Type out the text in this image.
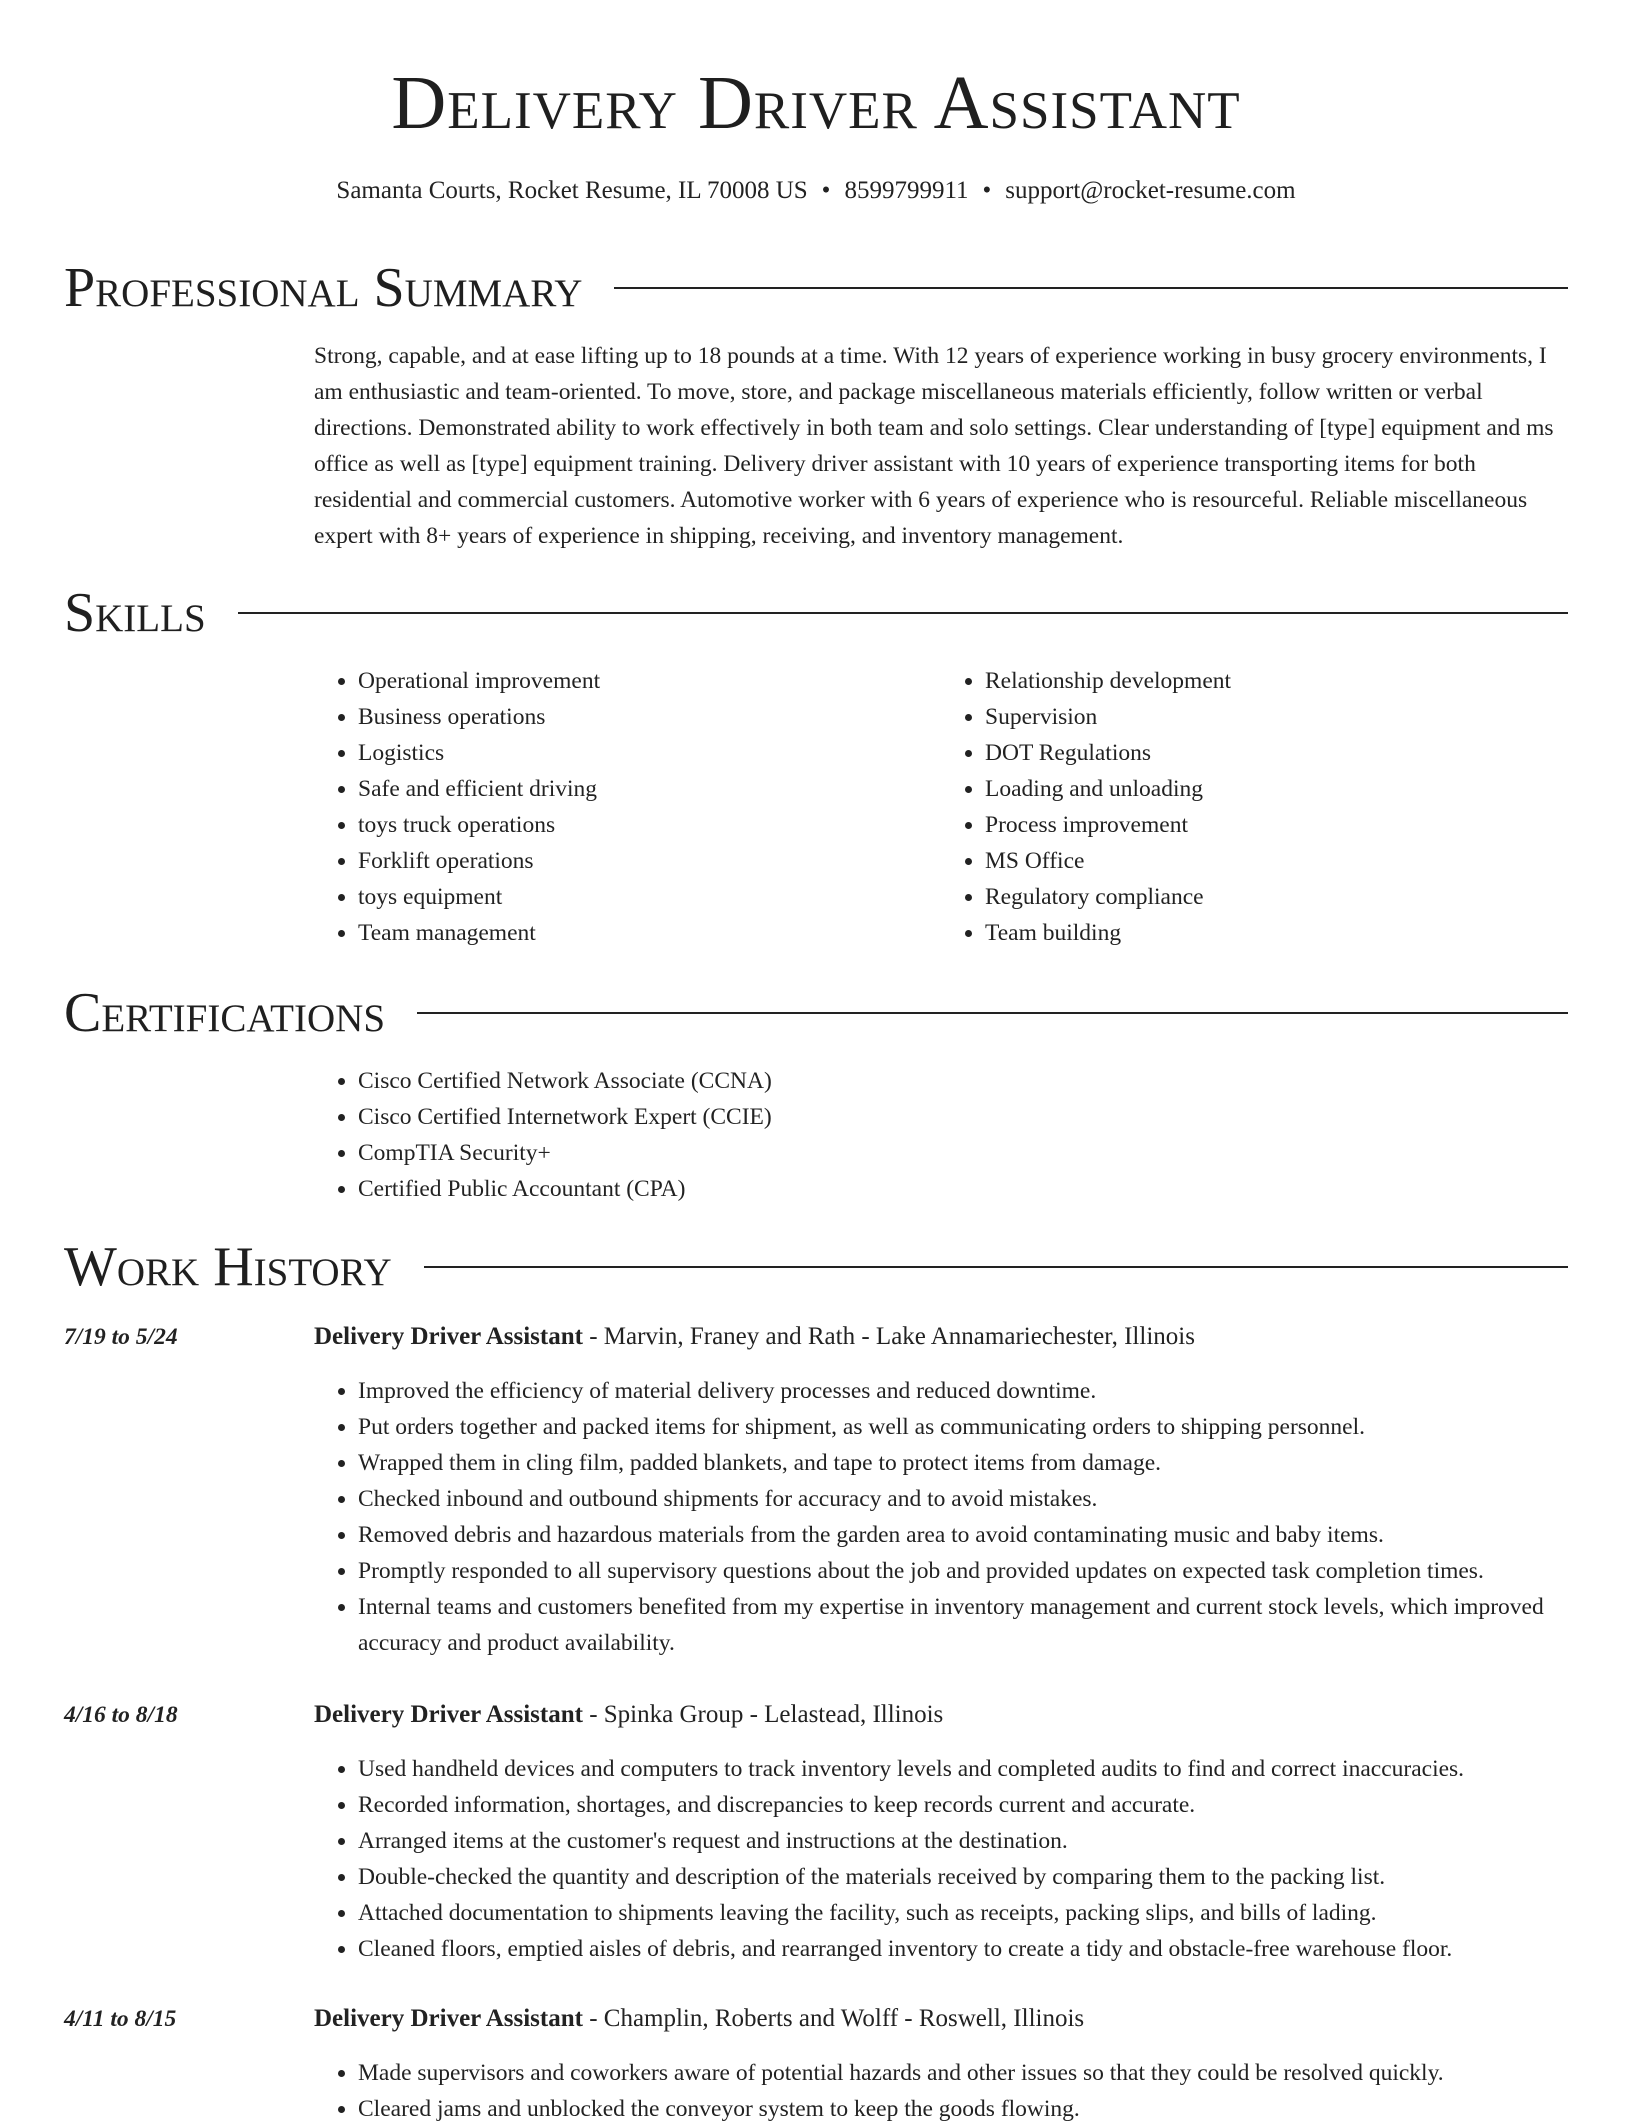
Delivery Driver Assistant
Samanta Courts, Rocket Resume, IL 70008 US • 8599799911 • support@rocket-resume.com
Professional Summary

Strong, capable, and at ease lifting up to 18 pounds at a time. With 12 years of experience working in busy grocery environments, I am enthusiastic and team-oriented. To move, store, and package miscellaneous materials efficiently, follow written or verbal directions. Demonstrated ability to work effectively in both team and solo settings. Clear understanding of [type] equipment and ms office as well as [type] equipment training. Delivery driver assistant with 10 years of experience transporting items for both residential and commercial customers. Automotive worker with 6 years of experience who is resourceful. Reliable miscellaneous expert with 8+ years of experience in shipping, receiving, and inventory management.

Skills
• Operational improvement
• Business operations
• Logistics
• Safe and efficient driving
• toys truck operations
• Forklift operations
• toys equipment
• Team management
• Relationship development
• Supervision
• DOT Regulations
• Loading and unloading
• Process improvement
• MS Office
• Regulatory compliance
• Team building
Certifications
• Cisco Certified Network Associate (CCNA)
• Cisco Certified Internetwork Expert (CCIE)
• CompTIA Security+
• Certified Public Accountant (CPA)
Work History
7/19 to 5/24	Delivery Driver Assistant - Marvin, Franey and Rath - Lake Annamariechester, Illinois
• Improved the efficiency of material delivery processes and reduced downtime.
• Put orders together and packed items for shipment, as well as communicating orders to shipping personnel.
• Wrapped them in cling film, padded blankets, and tape to protect items from damage.
• Checked inbound and outbound shipments for accuracy and to avoid mistakes.
• Removed debris and hazardous materials from the garden area to avoid contaminating music and baby items.
• Promptly responded to all supervisory questions about the job and provided updates on expected task completion times.
• Internal teams and customers benefited from my expertise in inventory management and current stock levels, which improved accuracy and product availability.
4/16 to 8/18	Delivery Driver Assistant - Spinka Group - Lelastead, Illinois
• Used handheld devices and computers to track inventory levels and completed audits to find and correct inaccuracies.
• Recorded information, shortages, and discrepancies to keep records current and accurate.
• Arranged items at the customer's request and instructions at the destination.
• Double-checked the quantity and description of the materials received by comparing them to the packing list.
• Attached documentation to shipments leaving the facility, such as receipts, packing slips, and bills of lading.
• Cleaned floors, emptied aisles of debris, and rearranged inventory to create a tidy and obstacle-free warehouse floor.
4/11 to 8/15	Delivery Driver Assistant - Champlin, Roberts and Wolff - Roswell, Illinois
• Made supervisors and coworkers aware of potential hazards and other issues so that they could be resolved quickly.
• Cleared jams and unblocked the conveyor system to keep the goods flowing.
